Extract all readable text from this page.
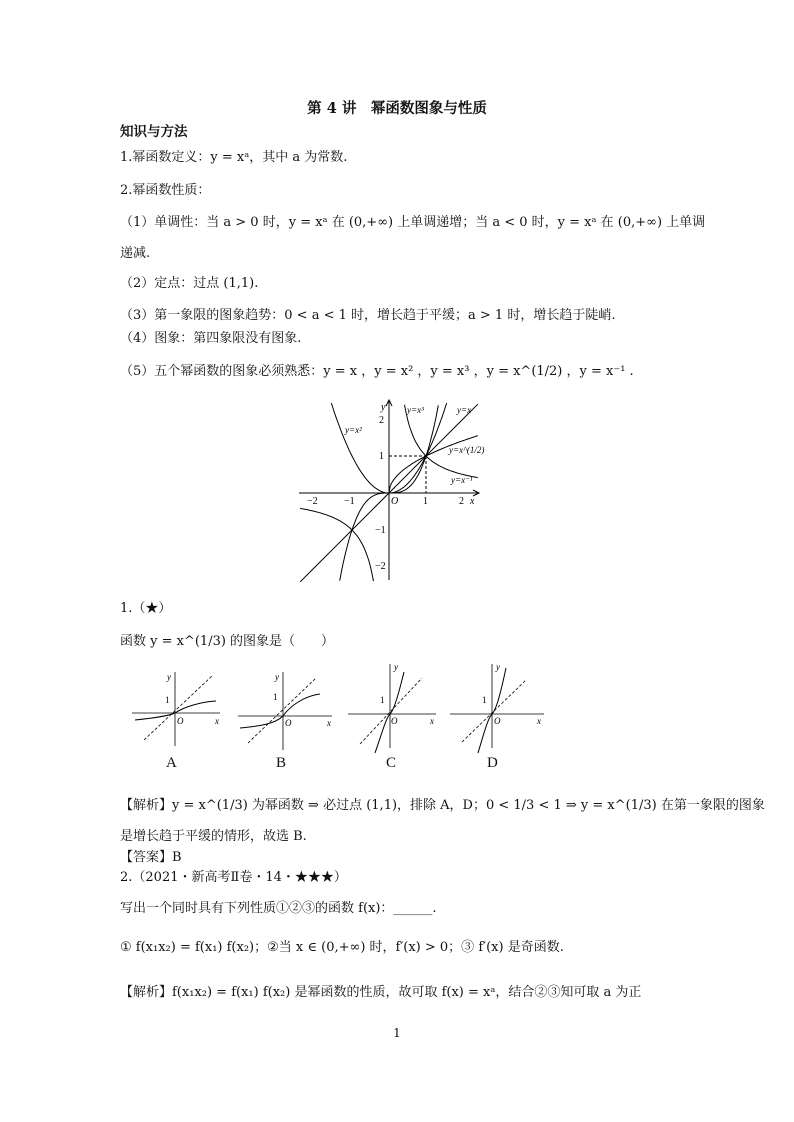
第 4 讲　幂函数图象与性质
知识与方法
1.幂函数定义：y = xᵃ，其中 a 为常数.
2.幂函数性质：
（1）单调性：当 a > 0 时，y = xᵃ 在 (0,+∞) 上单调递增；当 a < 0 时，y = xᵃ 在 (0,+∞) 上单调
递减.
（2）定点：过点 (1,1).
（3）第一象限的图象趋势：0 < a < 1 时，增长趋于平缓；a > 1 时，增长趋于陡峭.
（4）图象：第四象限没有图象.
（5）五个幂函数的图象必须熟悉：y = x ，y = x² ，y = x³ ，y = x^(1/2) ，y = x⁻¹ .
y
x
O
2
1
−1
−2
−2	−1	1	2
y=x²
y=x³	y=x
y=x^(1/2)
y=x⁻¹
1.（★）
函数 y = x^(1/3) 的图象是（　　）
y
x
1
O
y
x
1
O
y
x
1
O
y
x
1
O
A	B	C	D
【解析】y = x^(1/3) 为幂函数 ⇒ 必过点 (1,1)，排除 A，D；0 < 1/3 < 1 ⇒ y = x^(1/3) 在第一象限的图象
是增长趋于平缓的情形，故选 B.
【答案】B
2.（2021・新高考Ⅱ卷・14・★★★）
写出一个同时具有下列性质①②③的函数 f(x)：______.
① f(x₁x₂) = f(x₁) f(x₂)；②当 x ∈ (0,+∞) 时，f′(x) > 0；③ f′(x) 是奇函数.
【解析】f(x₁x₂) = f(x₁) f(x₂) 是幂函数的性质，故可取 f(x) = xᵃ，结合②③知可取 a 为正
1
